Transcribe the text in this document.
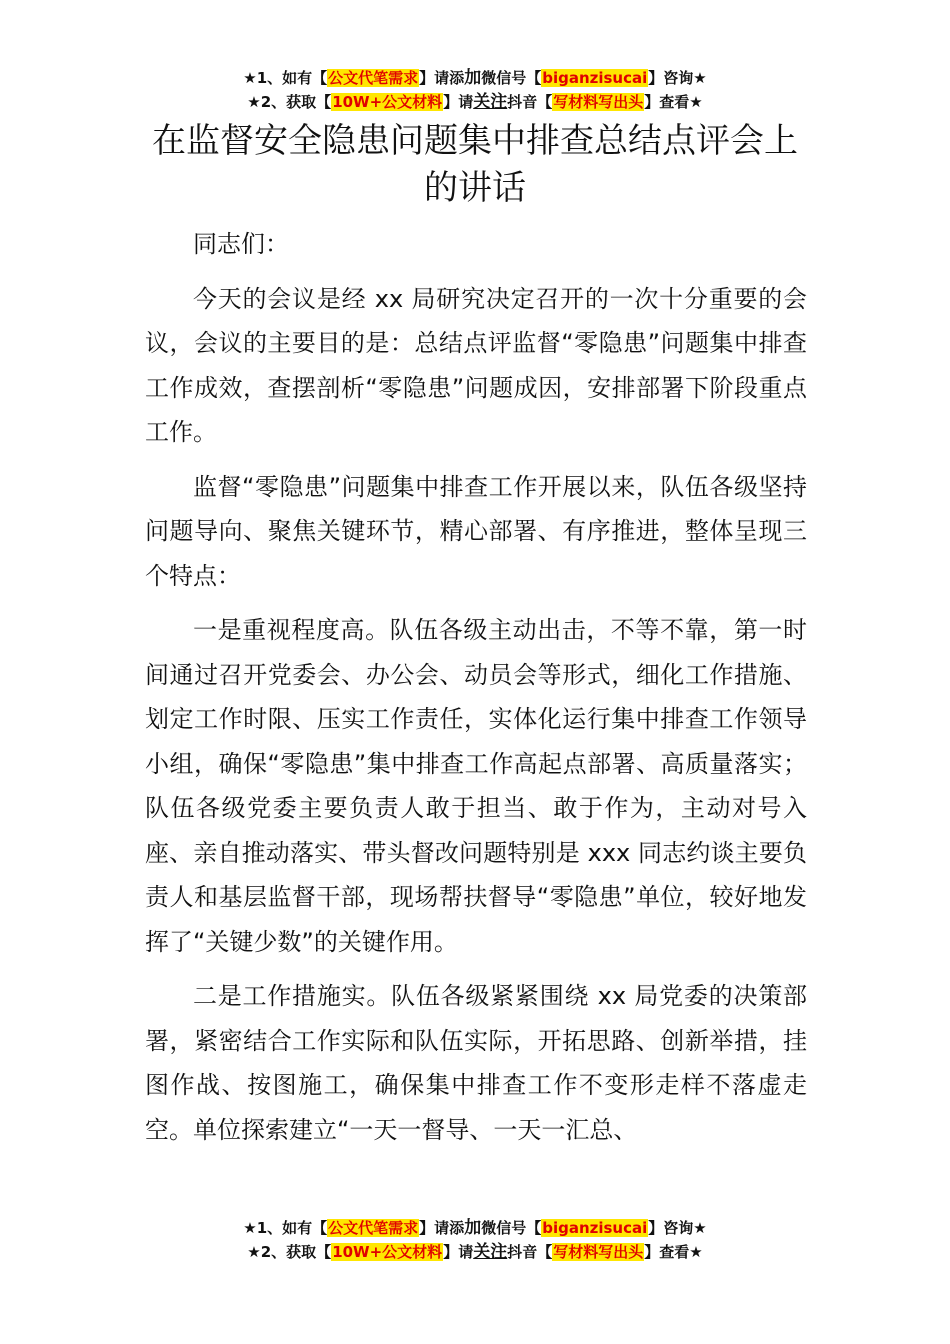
★1、如有【公文代笔需求】请添加微信号【biganzisucai】咨询★
★2、获取【10W+公文材料】请关注抖音【写材料写出头】查看★
在监督安全隐患问题集中排查总结点评会上的讲话

同志们：

今天的会议是经 xx 局研究决定召开的一次十分重要的会议，会议的主要目的是：总结点评监督“零隐患”问题集中排查工作成效，查摆剖析“零隐患”问题成因，安排部署下阶段重点工作。

监督“零隐患”问题集中排查工作开展以来，队伍各级坚持问题导向、聚焦关键环节，精心部署、有序推进，整体呈现三个特点：

一是重视程度高。队伍各级主动出击，不等不靠，第一时间通过召开党委会、办公会、动员会等形式，细化工作措施、划定工作时限、压实工作责任，实体化运行集中排查工作领导小组，确保“零隐患”集中排查工作高起点部署、高质量落实；队伍各级党委主要负责人敢于担当、敢于作为，主动对号入座、亲自推动落实、带头督改问题特别是 xxx 同志约谈主要负责人和基层监督干部，现场帮扶督导“零隐患”单位，较好地发挥了“关键少数”的关键作用。

二是工作措施实。队伍各级紧紧围绕 xx 局党委的决策部署，紧密结合工作实际和队伍实际，开拓思路、创新举措，挂图作战、按图施工，确保集中排查工作不变形走样不落虚走空。单位探索建立“一天一督导、一天一汇总、

★1、如有【公文代笔需求】请添加微信号【biganzisucai】咨询★
★2、获取【10W+公文材料】请关注抖音【写材料写出头】查看★
